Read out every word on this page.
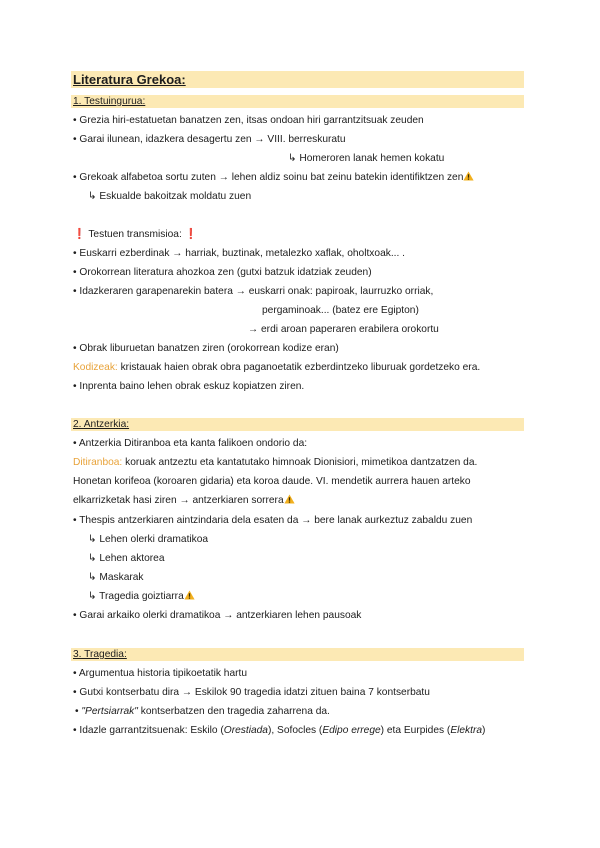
Literatura Grekoa:
1. Testuingurua:
• Grezia hiri-estatuetan banatzen zen, itsas ondoan hiri garrantzitsuak zeuden
• Garai ilunean, idazkera desagertu zen → VIII. berreskuratu
↳ Homeroren lanak hemen kokatu
• Grekoak alfabetoa sortu zuten → lehen aldiz soinu bat zeinu batekin identifiktzen zen
↳ Eskualde bakoitzak moldatu zuen
❗ Testuen transmisioa: ❗
• Euskarri ezberdinak → harriak, buztinak, metalezko xaflak, oholtxoak... .
• Orokorrean literatura ahozkoa zen (gutxi batzuk idatziak zeuden)
• Idazkeraren garapenarekin batera → euskarri onak: papiroak, laurruzko orriak,
pergaminoak... (batez ere Egipton)
→ erdi aroan paperaren erabilera orokortu
• Obrak liburuetan banatzen ziren (orokorrean kodize eran)
Kodizeak: kristauak haien obrak obra paganoetatik ezberdintzeko liburuak gordetzeko era.
• Inprenta baino lehen obrak eskuz kopiatzen ziren.
2. Antzerkia:
• Antzerkia Ditiranboa eta kanta falikoen ondorio da:
Ditiranboa: koruak antzeztu eta kantatutako himnoak Dionisiori, mimetikoa dantzatzen da.
Honetan korifeoa (koroaren gidaria) eta koroa daude. VI. mendetik aurrera hauen arteko
elkarrizketak hasi ziren → antzerkiaren sorrera
• Thespis antzerkiaren aintzindaria dela esaten da → bere lanak aurkeztuz zabaldu zuen
↳ Lehen olerki dramatikoa
↳ Lehen aktorea
↳ Maskarak
↳ Tragedia goiztiarra
• Garai arkaiko olerki dramatikoa → antzerkiaren lehen pausoak
3. Tragedia:
• Argumentua historia tipikoetatik hartu
• Gutxi kontserbatu dira → Eskilok 90 tragedia idatzi zituen baina 7 kontserbatu
• "Pertsiarrak" kontserbatzen den tragedia zaharrena da.
• Idazle garrantzitsuenak: Eskilo (Orestiada), Sofocles (Edipo errege) eta Eurpides (Elektra)
